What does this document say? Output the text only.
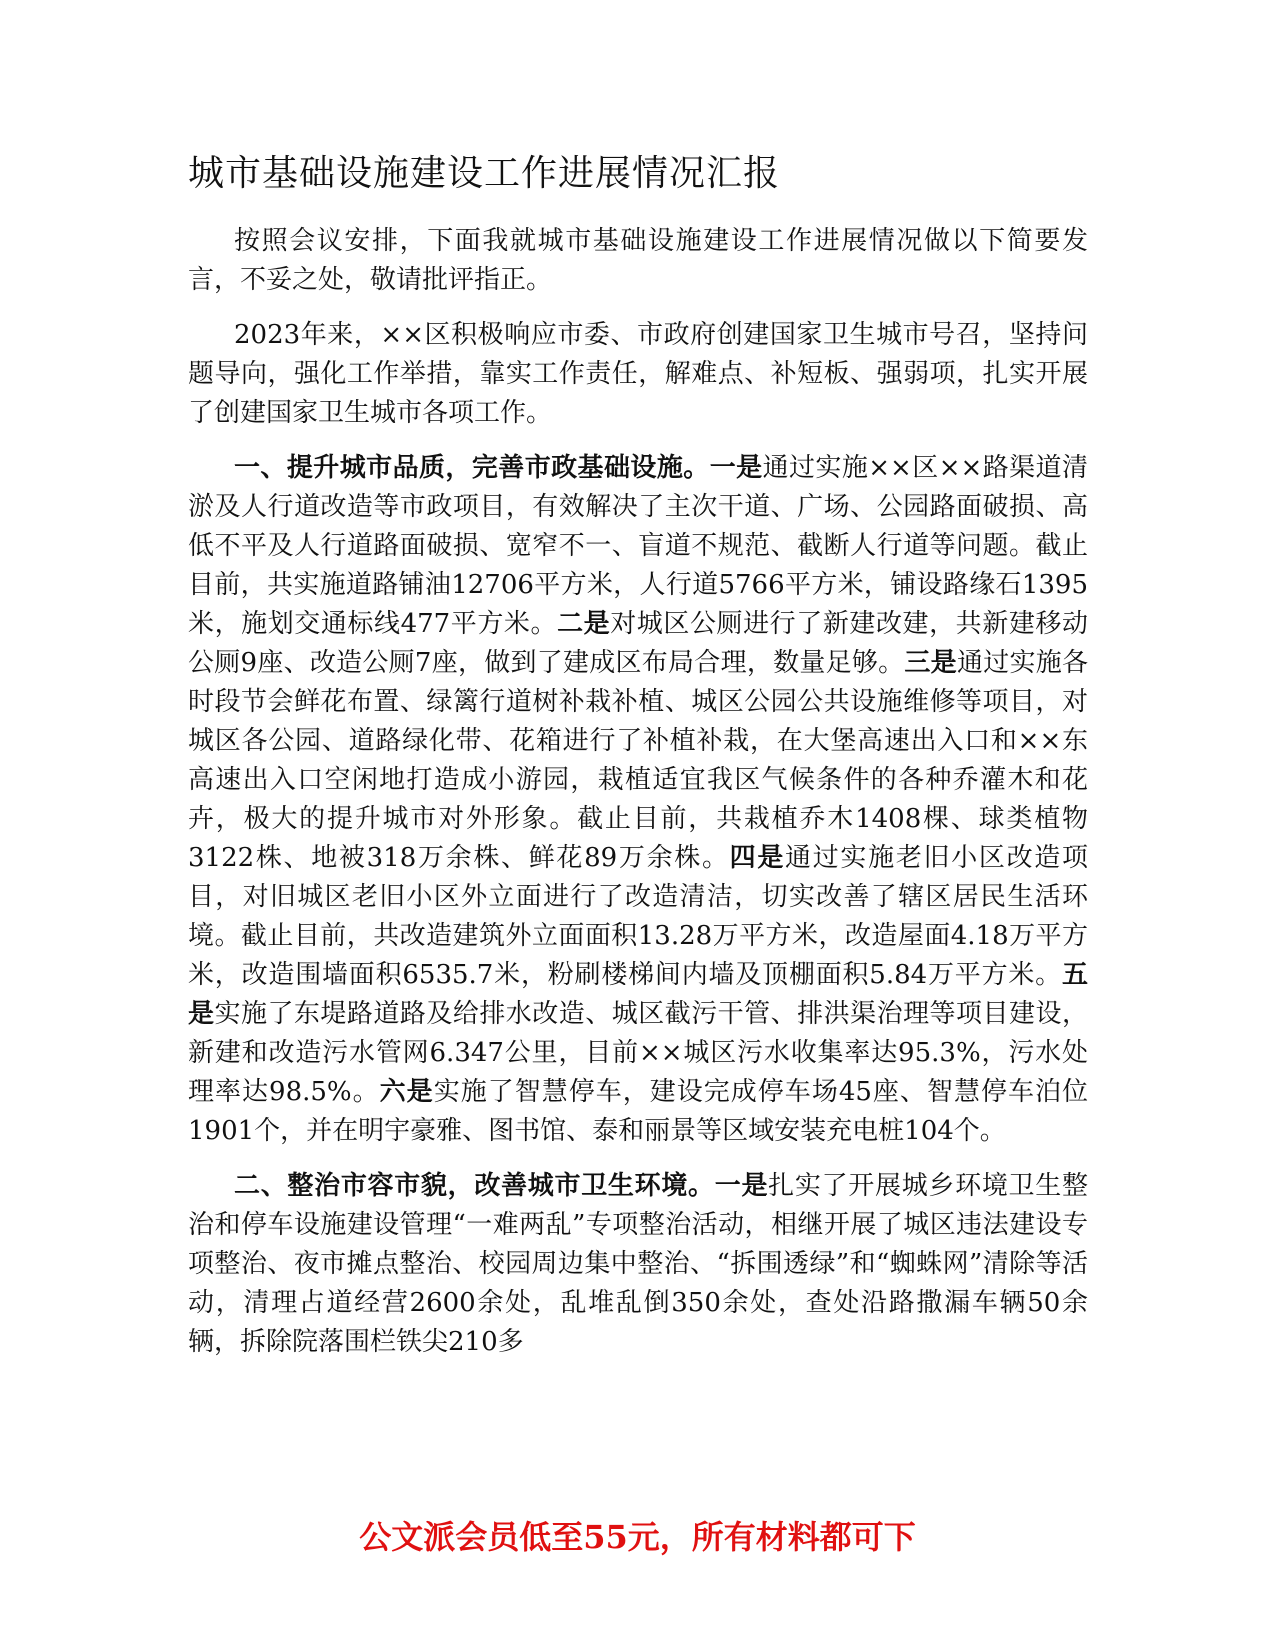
城市基础设施建设工作进展情况汇报

按照会议安排，下面我就城市基础设施建设工作进展情况做以下简要发言，不妥之处，敬请批评指正。

2023年来，××区积极响应市委、市政府创建国家卫生城市号召，坚持问题导向，强化工作举措，靠实工作责任，解难点、补短板、强弱项，扎实开展了创建国家卫生城市各项工作。

一、提升城市品质，完善市政基础设施。一是通过实施××区××路渠道清淤及人行道改造等市政项目，有效解决了主次干道、广场、公园路面破损、高低不平及人行道路面破损、宽窄不一、盲道不规范、截断人行道等问题。截止目前，共实施道路铺油12706平方米，人行道5766平方米，铺设路缘石1395米，施划交通标线477平方米。二是对城区公厕进行了新建改建，共新建移动公厕9座、改造公厕7座，做到了建成区布局合理，数量足够。三是通过实施各时段节会鲜花布置、绿篱行道树补栽补植、城区公园公共设施维修等项目，对城区各公园、道路绿化带、花箱进行了补植补栽，在大堡高速出入口和××东高速出入口空闲地打造成小游园，栽植适宜我区气候条件的各种乔灌木和花卉，极大的提升城市对外形象。截止目前，共栽植乔木1408棵、球类植物3122株、地被318万余株、鲜花89万余株。四是通过实施老旧小区改造项目，对旧城区老旧小区外立面进行了改造清洁，切实改善了辖区居民生活环境。截止目前，共改造建筑外立面面积13.28万平方米，改造屋面4.18万平方米，改造围墙面积6535.7米，粉刷楼梯间内墙及顶棚面积5.84万平方米。五是实施了东堤路道路及给排水改造、城区截污干管、排洪渠治理等项目建设，新建和改造污水管网6.347公里，目前××城区污水收集率达95.3%，污水处理率达98.5%。六是实施了智慧停车，建设完成停车场45座、智慧停车泊位1901个，并在明宇豪雅、图书馆、泰和丽景等区域安装充电桩104个。

二、整治市容市貌，改善城市卫生环境。一是扎实了开展城乡环境卫生整治和停车设施建设管理“一难两乱”专项整治活动，相继开展了城区违法建设专项整治、夜市摊点整治、校园周边集中整治、“拆围透绿”和“蜘蛛网”清除等活动，清理占道经营2600余处，乱堆乱倒350余处，查处沿路撒漏车辆50余辆，拆除院落围栏铁尖210多

公文派会员低至55元，所有材料都可下
